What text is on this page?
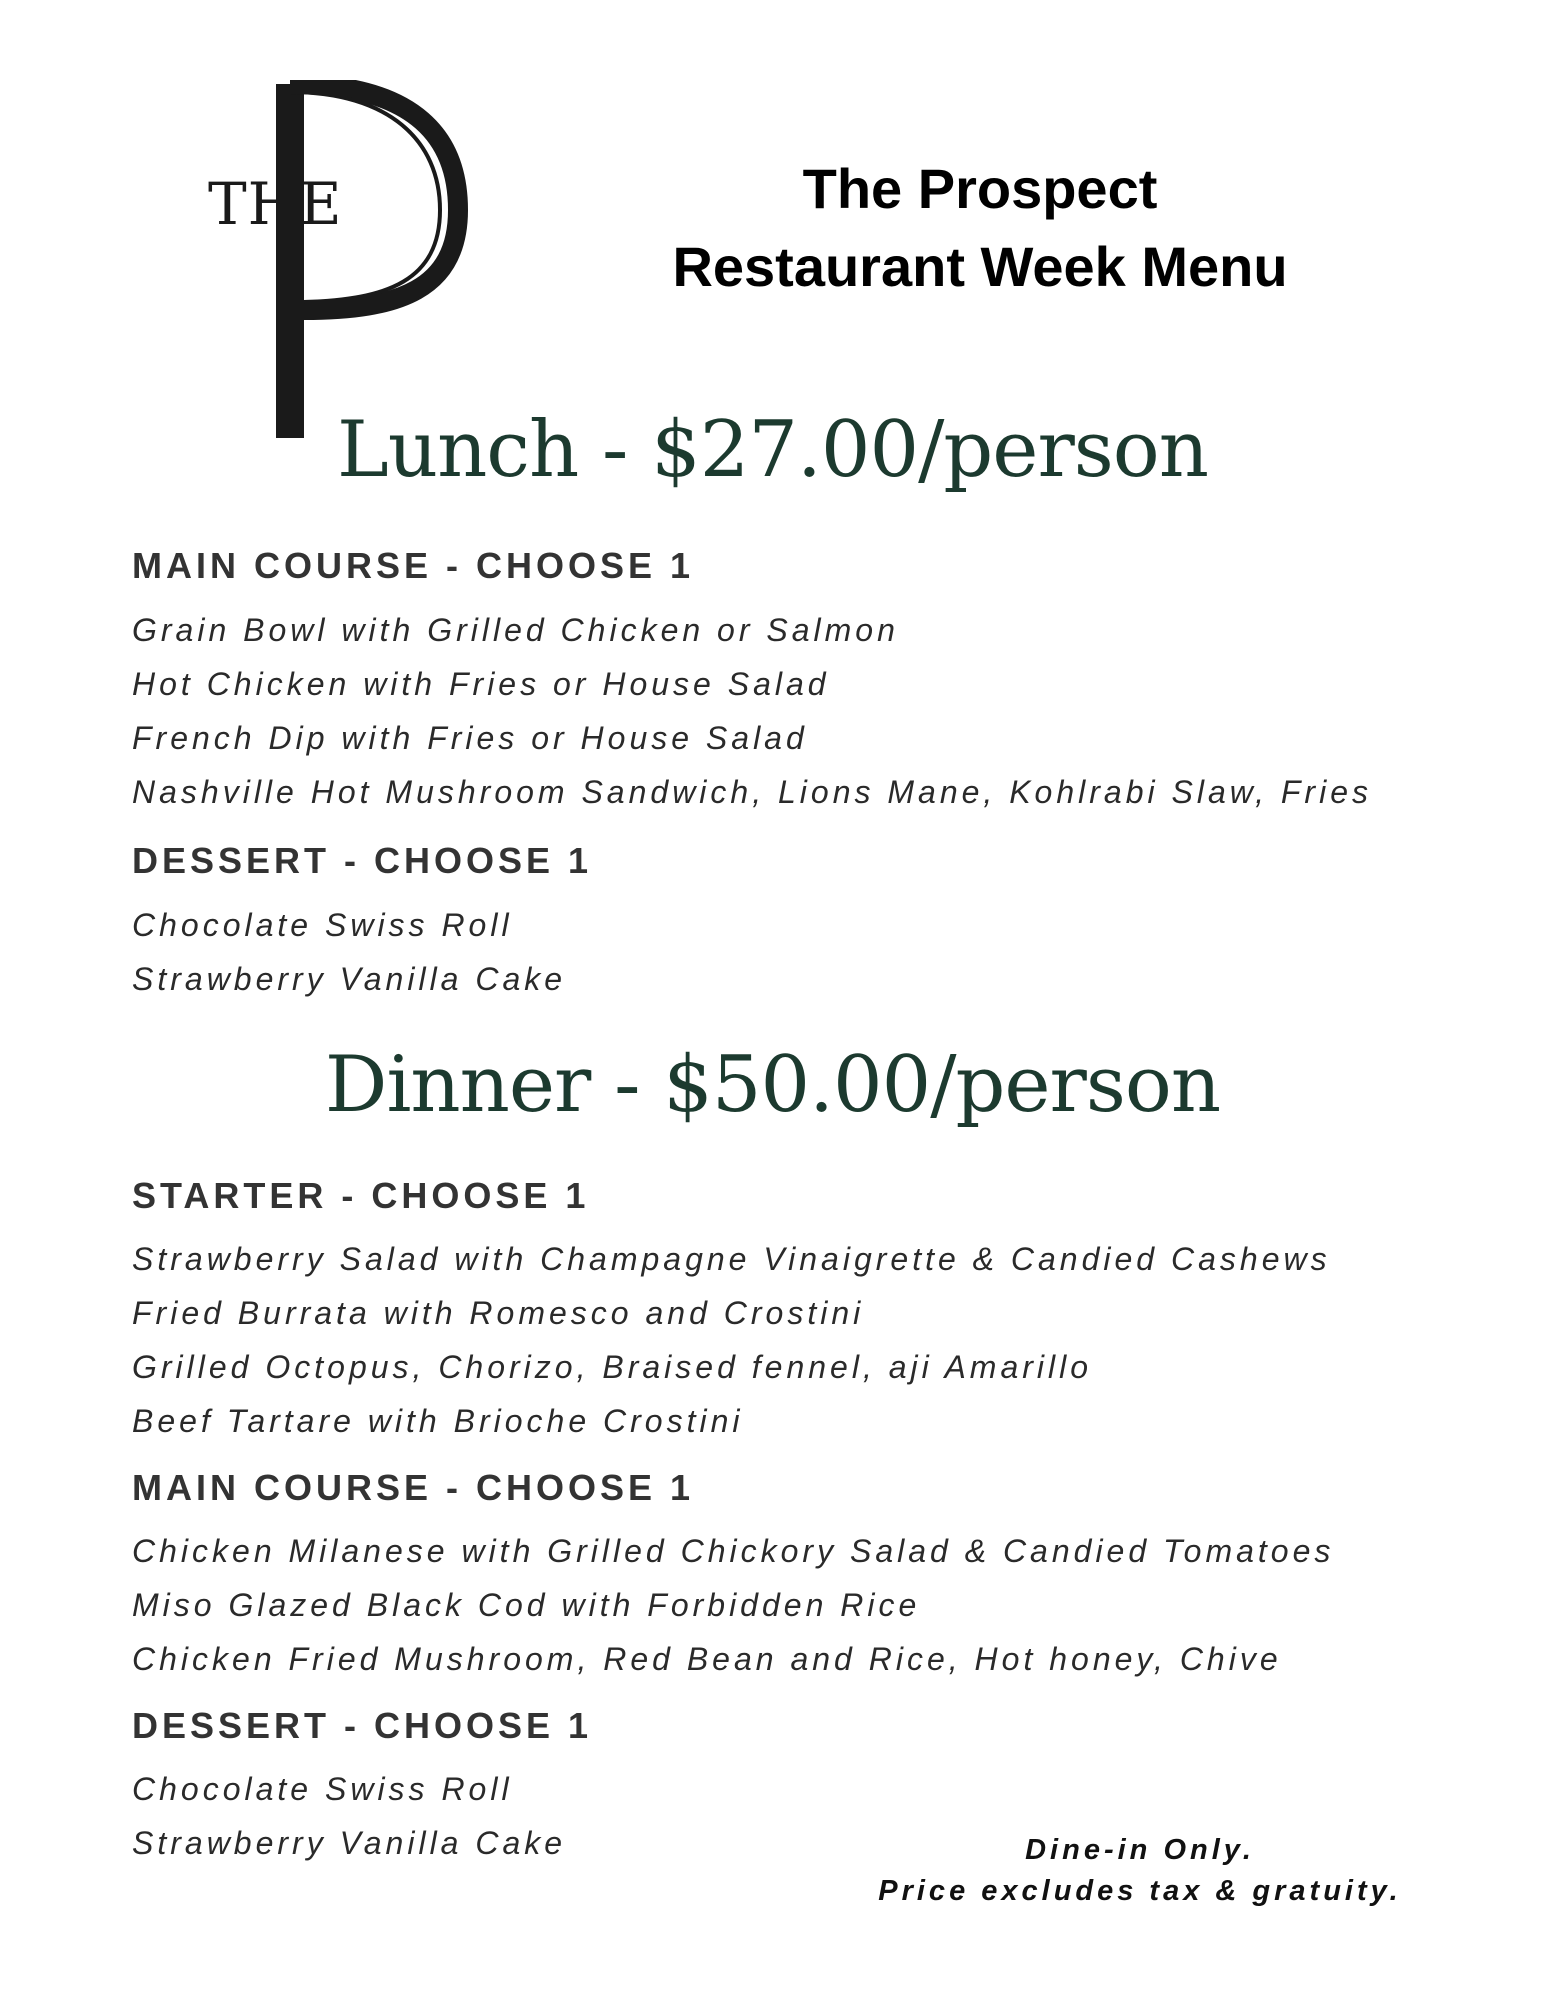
THE	The Prospect
Restaurant Week Menu
Lunch - $27.00/person
MAIN COURSE - CHOOSE 1
Grain Bowl with Grilled Chicken or Salmon
Hot Chicken with Fries or House Salad
French Dip with Fries or House Salad
Nashville Hot Mushroom Sandwich, Lions Mane, Kohlrabi Slaw, Fries
DESSERT - CHOOSE 1
Chocolate Swiss Roll
Strawberry Vanilla Cake
Dinner - $50.00/person
STARTER - CHOOSE 1
Strawberry Salad with Champagne Vinaigrette & Candied Cashews
Fried Burrata with Romesco and Crostini
Grilled Octopus, Chorizo, Braised fennel, aji Amarillo
Beef Tartare with Brioche Crostini
MAIN COURSE - CHOOSE 1
Chicken Milanese with Grilled Chickory Salad & Candied Tomatoes
Miso Glazed Black Cod with Forbidden Rice
Chicken Fried Mushroom, Red Bean and Rice, Hot honey, Chive
DESSERT - CHOOSE 1
Chocolate Swiss Roll
Strawberry Vanilla Cake	Dine-in Only.
Price excludes tax & gratuity.
